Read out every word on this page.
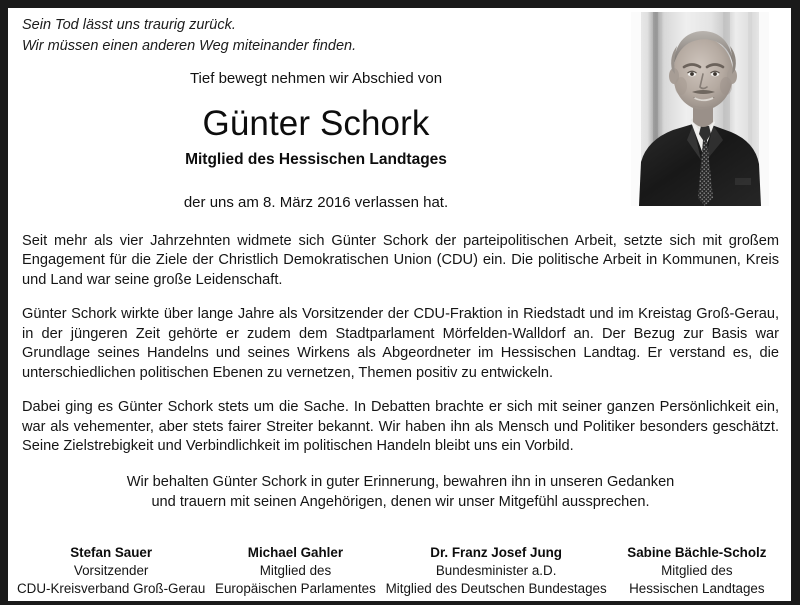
Sein Tod lässt uns traurig zurück.
Wir müssen einen anderen Weg miteinander finden.
Tief bewegt nehmen wir Abschied von
Günter Schork
Mitglied des Hessischen Landtages
der uns am 8. März 2016 verlassen hat.

Seit mehr als vier Jahrzehnten widmete sich Günter Schork der parteipolitischen Arbeit, setzte sich mit großem Engagement für die Ziele der Christlich Demokratischen Union (CDU) ein. Die politische Arbeit in Kommunen, Kreis und Land war seine große Leidenschaft.

Günter Schork wirkte über lange Jahre als Vorsitzender der CDU-Fraktion in Riedstadt und im Kreistag Groß-Gerau, in der jüngeren Zeit gehörte er zudem dem Stadtparlament Mörfelden-Walldorf an. Der Bezug zur Basis war Grundlage seines Handelns und seines Wirkens als Abgeordneter im Hessischen Landtag. Er verstand es, die unterschiedlichen politischen Ebenen zu vernetzen, Themen positiv zu entwickeln.

Dabei ging es Günter Schork stets um die Sache. In Debatten brachte er sich mit seiner ganzen Persönlichkeit ein, war als vehementer, aber stets fairer Streiter bekannt. Wir haben ihn als Mensch und Politiker besonders geschätzt. Seine Zielstrebigkeit und Verbindlichkeit im politischen Handeln bleibt uns ein Vorbild.

Wir behalten Günter Schork in guter Erinnerung, bewahren ihn in unseren Gedanken
und trauern mit seinen Angehörigen, denen wir unser Mitgefühl aussprechen.
Stefan Sauer
Vorsitzender
CDU-Kreisverband Groß-Gerau
Michael Gahler
Mitglied des
Europäischen Parlamentes
Dr. Franz Josef Jung
Bundesminister a.D.
Mitglied des Deutschen Bundestages
Sabine Bächle-Scholz
Mitglied des
Hessischen Landtages
